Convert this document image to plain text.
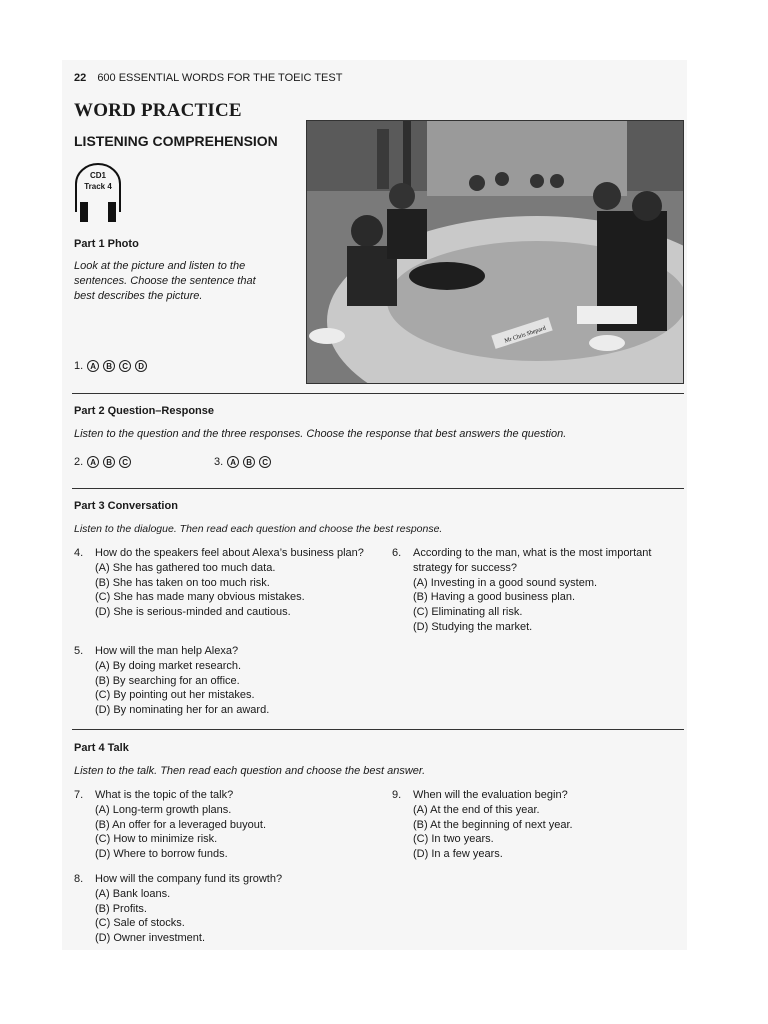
22 600 ESSENTIAL WORDS FOR THE TOEIC TEST
WORD PRACTICE
LISTENING COMPREHENSION
CD1
Track 4
Mr Chris Shepard
Part 1 Photo
Look at the picture and listen to the sentences. Choose the sentence that best describes the picture.
1. A	B	C	D
Part 2 Question–Response
Listen to the question and the three responses. Choose the response that best answers the question.
2. A	B	C	3. A	B	C
Part 3 Conversation
Listen to the dialogue. Then read each question and choose the best response.
4.	How do the speakers feel about Alexa’s business plan?
(A) She has gathered too much data.
(B) She has taken on too much risk.
(C) She has made many obvious mistakes.
(D) She is serious-minded and cautious.
5.	How will the man help Alexa?
(A) By doing market research.
(B) By searching for an office.
(C) By pointing out her mistakes.
(D) By nominating her for an award.
6.	According to the man, what is the most important strategy for success?
(A) Investing in a good sound system.
(B) Having a good business plan.
(C) Eliminating all risk.
(D) Studying the market.
Part 4 Talk
Listen to the talk. Then read each question and choose the best answer.
7.	What is the topic of the talk?
(A) Long-term growth plans.
(B) An offer for a leveraged buyout.
(C) How to minimize risk.
(D) Where to borrow funds.
8.	How will the company fund its growth?
(A) Bank loans.
(B) Profits.
(C) Sale of stocks.
(D) Owner investment.
9.	When will the evaluation begin?
(A) At the end of this year.
(B) At the beginning of next year.
(C) In two years.
(D) In a few years.
